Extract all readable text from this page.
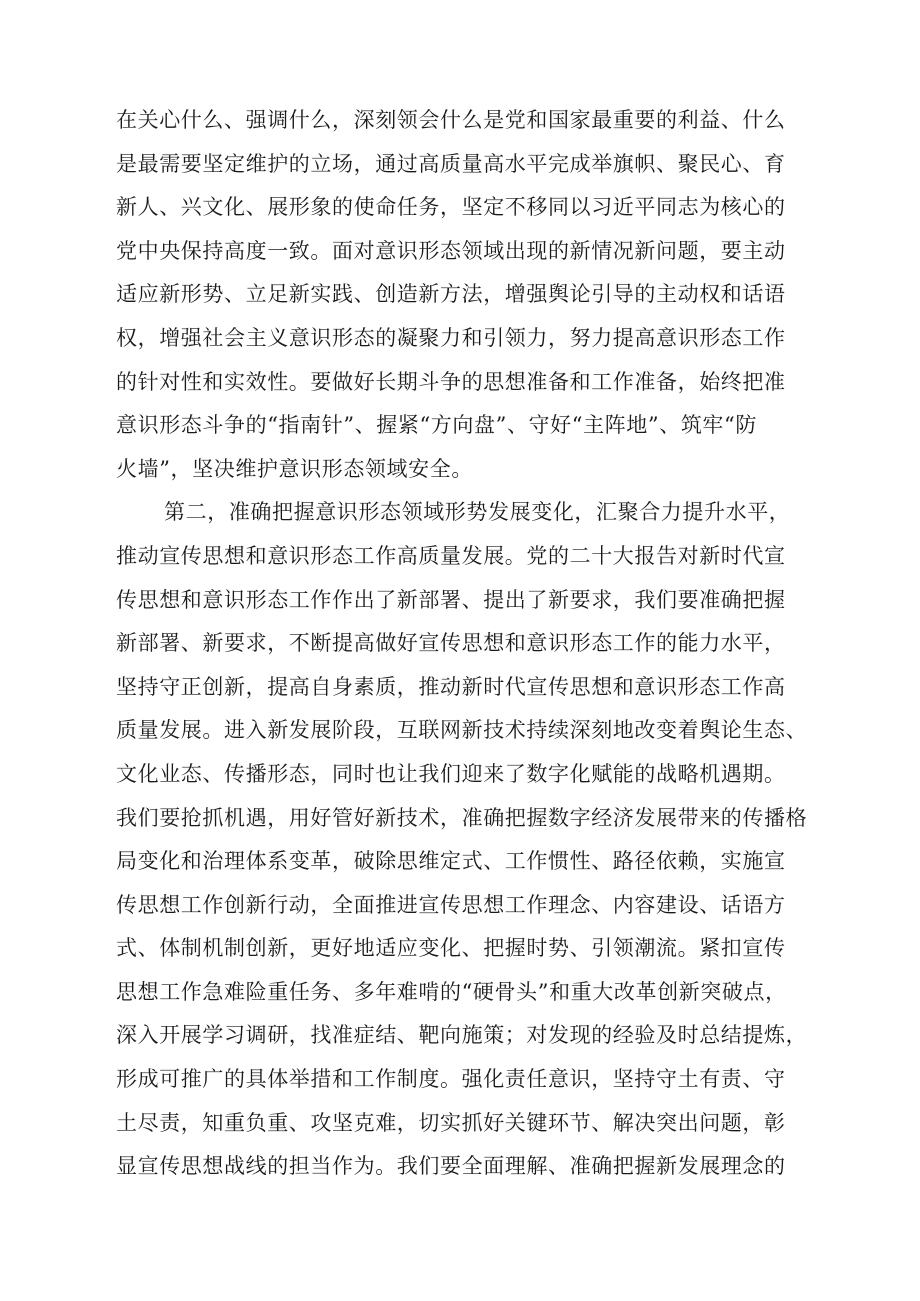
在关心什么、强调什么，深刻领会什么是党和国家最重要的利益、什么
是最需要坚定维护的立场，通过高质量高水平完成举旗帜、聚民心、育
新人、兴文化、展形象的使命任务，坚定不移同以习近平同志为核心的
党中央保持高度一致。面对意识形态领域出现的新情况新问题，要主动
适应新形势、立足新实践、创造新方法，增强舆论引导的主动权和话语
权，增强社会主义意识形态的凝聚力和引领力，努力提高意识形态工作
的针对性和实效性。要做好长期斗争的思想准备和工作准备，始终把准
意识形态斗争的“指南针”、握紧“方向盘”、守好“主阵地”、筑牢“防
火墙”，坚决维护意识形态领域安全。
第二，准确把握意识形态领域形势发展变化，汇聚合力提升水平，
推动宣传思想和意识形态工作高质量发展。党的二十大报告对新时代宣
传思想和意识形态工作作出了新部署、提出了新要求，我们要准确把握
新部署、新要求，不断提高做好宣传思想和意识形态工作的能力水平，
坚持守正创新，提高自身素质，推动新时代宣传思想和意识形态工作高
质量发展。进入新发展阶段，互联网新技术持续深刻地改变着舆论生态、
文化业态、传播形态，同时也让我们迎来了数字化赋能的战略机遇期。
我们要抢抓机遇，用好管好新技术，准确把握数字经济发展带来的传播格
局变化和治理体系变革，破除思维定式、工作惯性、路径依赖，实施宣
传思想工作创新行动，全面推进宣传思想工作理念、内容建设、话语方
式、体制机制创新，更好地适应变化、把握时势、引领潮流。紧扣宣传
思想工作急难险重任务、多年难啃的“硬骨头”和重大改革创新突破点，
深入开展学习调研，找准症结、靶向施策；对发现的经验及时总结提炼，
形成可推广的具体举措和工作制度。强化责任意识，坚持守土有责、守
土尽责，知重负重、攻坚克难，切实抓好关键环节、解决突出问题，彰
显宣传思想战线的担当作为。我们要全面理解、准确把握新发展理念的
